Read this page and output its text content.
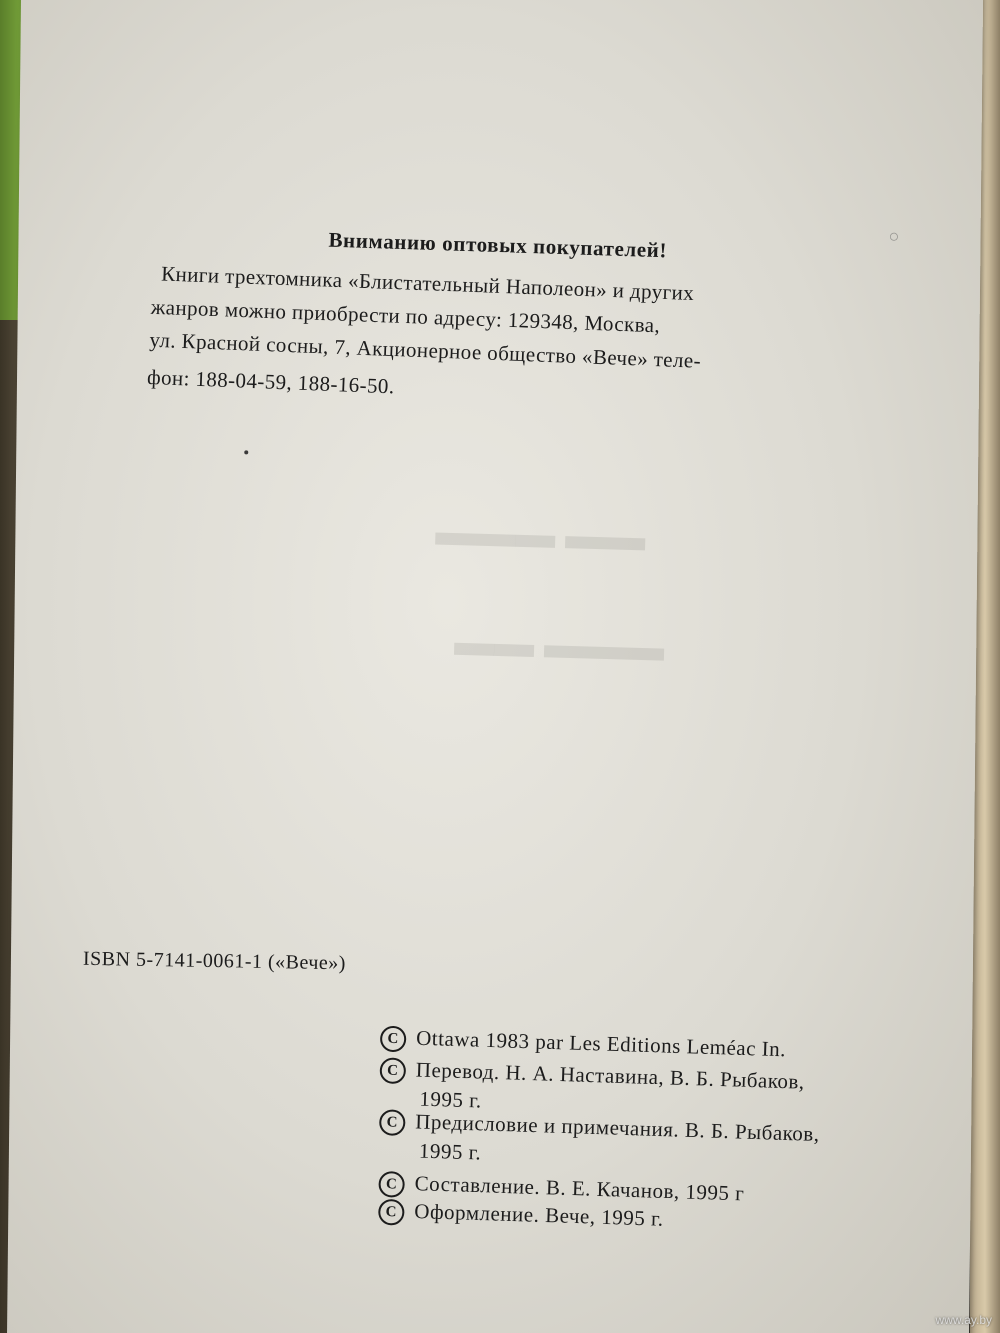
▬▬▬ ▬▬
▬▬ ▬▬▬
○
Вниманию оптовых покупателей!
Книги трехтомника «Блистательный Наполеон» и других
жанров можно приобрести по адресу: 129348, Москва,
ул. Красной сосны, 7, Акционерное общество «Вече» теле-
фон: 188-04-59, 188-16-50.
ISBN 5-7141-0061-1 («Вече»)
C Ottawa 1983 par Les Editions Leméac In.
C Перевод. Н. А. Наставина, В. Б. Рыбаков,
1995 г.
C Предисловие и примечания. В. Б. Рыбаков,
1995 г.
C Составление. В. Е. Качанов, 1995 г
C Оформление. Вече, 1995 г.
www.ay.by
